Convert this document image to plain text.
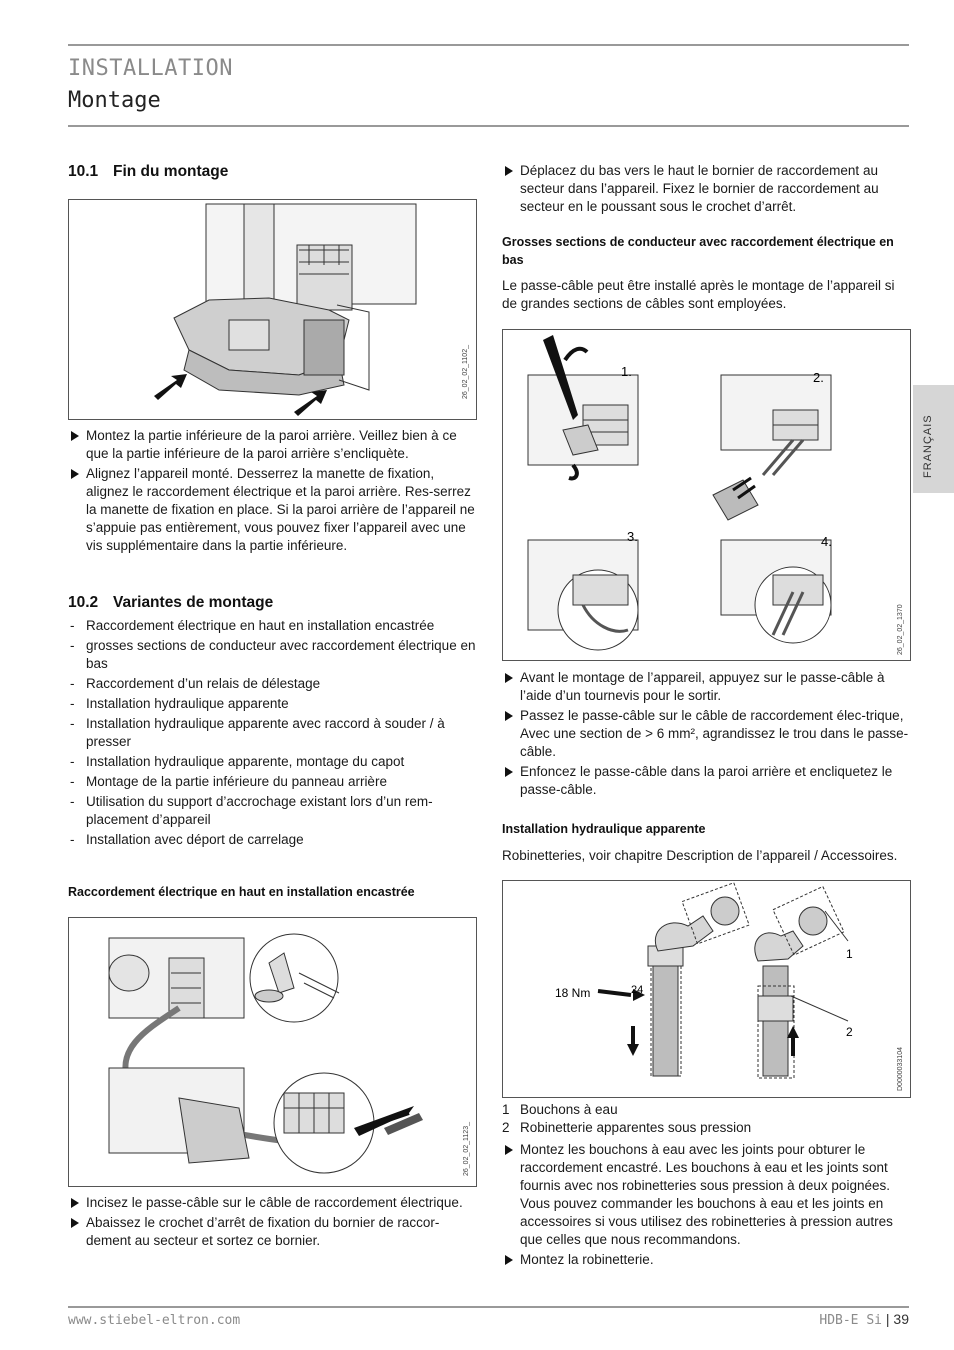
INSTALLATION
Montage
FRANÇAIS
10.1 Fin du montage
26_02_02_1102_
Montez la partie inférieure de la paroi arrière. Veillez bien à ce que la partie inférieure de la paroi arrière s’encliquète.
Alignez l’appareil monté. Desserrez la manette de fixation, alignez le raccordement électrique et la paroi arrière. Res-serrez la manette de fixation en place. Si la paroi arrière de l’appareil ne s’appuie pas entièrement, vous pouvez fixer l’appareil avec une vis supplémentaire dans la partie inférieure.
10.2 Variantes de montage
- Raccordement électrique en haut en installation encastrée
- grosses sections de conducteur avec raccordement électrique en bas
- Raccordement d’un relais de délestage
- Installation hydraulique apparente
- Installation hydraulique apparente avec raccord à souder / à presser
- Installation hydraulique apparente, montage du capot
- Montage de la partie inférieure du panneau arrière
- Utilisation du support d’accrochage existant lors d’un rem-placement d’appareil
- Installation avec déport de carrelage
Raccordement électrique en haut en installation encastrée
26_02_02_1123_
Incisez le passe-câble sur le câble de raccordement électrique.
Abaissez le crochet d’arrêt de fixation du bornier de raccor-dement au secteur et sortez ce bornier.
Déplacez du bas vers le haut le bornier de raccordement au secteur dans l’appareil. Fixez le bornier de raccordement au secteur en le poussant sous le crochet d’arrêt.
Grosses sections de conducteur avec raccordement électrique en bas
Le passe-câble peut être installé après le montage de l’appareil si de grandes sections de câbles sont employées.
1.	2.
3.	4.
26_02_02_1370
Avant le montage de l’appareil, appuyez sur le passe-câble à l’aide d’un tournevis pour le sortir.
Passez le passe-câble sur le câble de raccordement élec-trique, Avec une section de > 6 mm², agrandissez le trou dans le passe-câble.
Enfoncez le passe-câble dans la paroi arrière et encliquetez le passe-câble.
Installation hydraulique apparente
Robinetteries, voir chapitre Description de l’appareil / Accessoires.
18 Nm	24
1
2
D0000033104
1 Bouchons à eau
2 Robinetterie apparentes sous pression
Montez les bouchons à eau avec les joints pour obturer le raccordement encastré. Les bouchons à eau et les joints sont fournis avec nos robinetteries sous pression à deux poignées. Vous pouvez commander les bouchons à eau et les joints en accessoires si vous utilisez des robinetteries à pression autres que celles que nous recommandons.
Montez la robinetterie.
www.stiebel-eltron.com	HDB-E Si | 39
